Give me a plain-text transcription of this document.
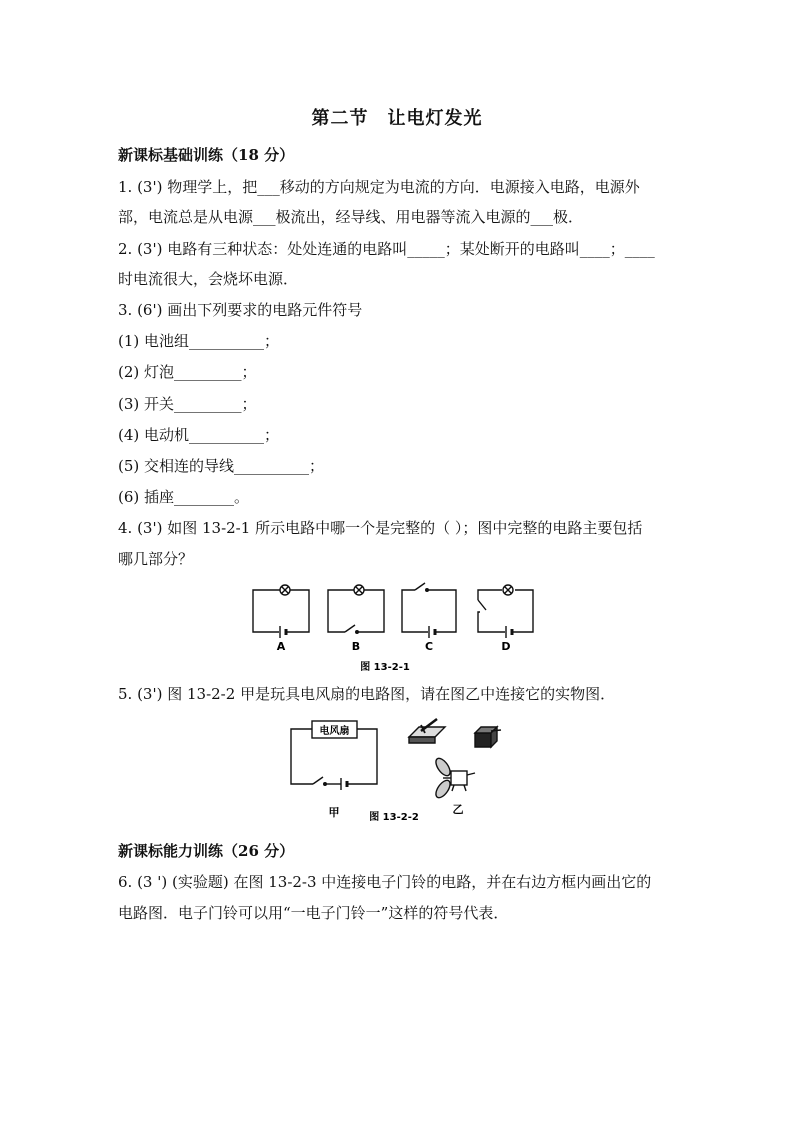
第二节　让电灯发光
新课标基础训练（18 分）
1. (3') 物理学上，把___移动的方向规定为电流的方向．电源接入电路，电源外
部，电流总是从电源___极流出，经导线、用电器等流入电源的___极．
2. (3') 电路有三种状态：处处连通的电路叫_____；某处断开的电路叫____；____
时电流很大，会烧坏电源．
3. (6') 画出下列要求的电路元件符号
(1) 电池组__________；
(2) 灯泡_________；
(3) 开关_________；
(4) 电动机__________；
(5) 交相连的导线__________；
(6) 插座________。
4. (3') 如图 13-2-1 所示电路中哪一个是完整的（ ）；图中完整的电路主要包括
哪几部分？
A	B	C	D
图 13-2-1
5. (3') 图 13-2-2 甲是玩具电风扇的电路图，请在图乙中连接它的实物图．
电风扇
甲	乙
图 13-2-2
新课标能力训练（26 分）
6. (3 ') (实验题) 在图 13-2-3 中连接电子门铃的电路，并在右边方框内画出它的
电路图．电子门铃可以用“一电子门铃一”这样的符号代表．
